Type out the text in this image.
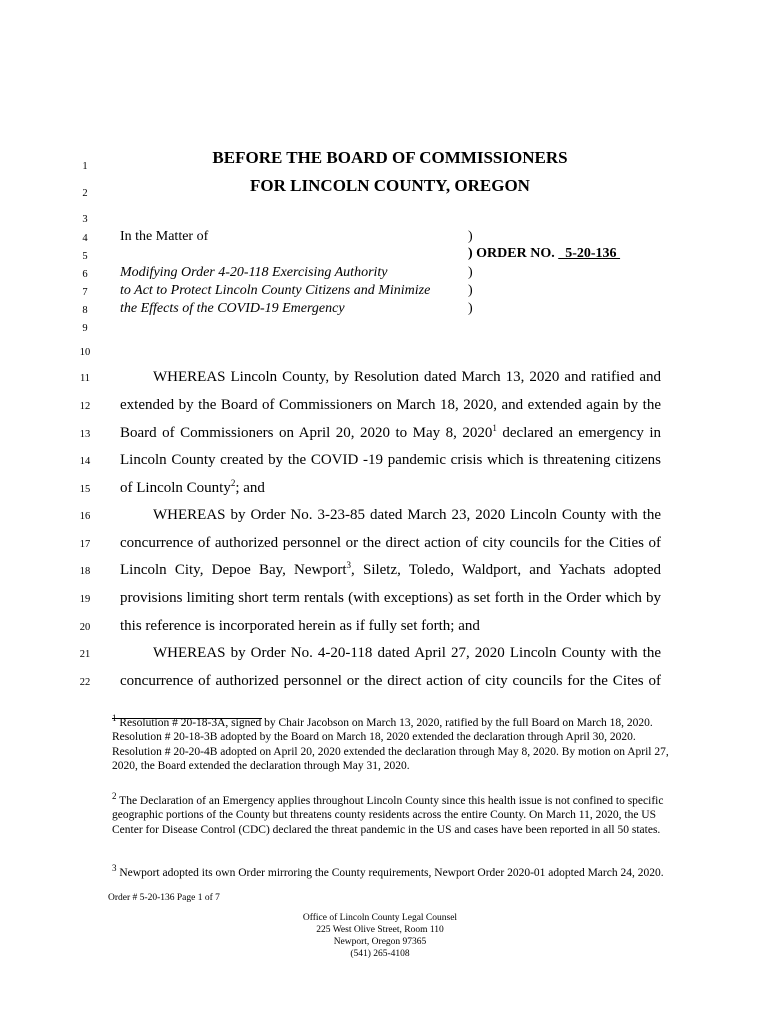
1
2
3
4
5
6
7
8
9
10
11
12
13
14
15
16
17
18
19
20
21
22
BEFORE THE BOARD OF COMMISSIONERS
FOR LINCOLN COUNTY, OREGON
In the Matter of
Modifying Order 4-20-118 Exercising Authority
to Act to Protect Lincoln County Citizens and Minimize
the Effects of the COVID-19 Emergency
)
) ORDER NO.   5-20-136
)
)
)
WHEREAS Lincoln County, by Resolution dated March 13, 2020 and ratified and
extended by the Board of Commissioners on March 18, 2020, and extended again by the
Board of Commissioners on April 20, 2020 to May 8, 2020$^1$ declared an emergency in
Lincoln County created by the COVID -19 pandemic crisis which is threatening citizens
of Lincoln County$^2$; and
WHEREAS by Order No. 3-23-85 dated March 23, 2020 Lincoln County with the
concurrence of authorized personnel or the direct action of city councils for the Cities of
Lincoln City, Depoe Bay, Newport$^3$, Siletz, Toledo, Waldport, and Yachats adopted
provisions limiting short term rentals (with exceptions) as set forth in the Order which by
this reference is incorporated herein as if fully set forth; and
WHEREAS by Order No. 4-20-118 dated April 27, 2020 Lincoln County with the
concurrence of authorized personnel or the direct action of city councils for the Cites of
$^1$ Resolution # 20-18-3A, signed by Chair Jacobson on March 13, 2020, ratified by the full Board on March 18, 2020. Resolution # 20-18-3B adopted by the Board on March 18, 2020 extended the declaration through April 30, 2020. Resolution # 20-20-4B adopted on April 20, 2020 extended the declaration through May 8, 2020. By motion on April 27, 2020, the Board extended the declaration through May 31, 2020.
$^2$ The Declaration of an Emergency applies throughout Lincoln County since this health issue is not confined to specific geographic portions of the County but threatens county residents across the entire County. On March 11, 2020, the US Center for Disease Control (CDC) declared the threat pandemic in the US and cases have been reported in all 50 states.
$^3$ Newport adopted its own Order mirroring the County requirements, Newport Order 2020-01 adopted March 24, 2020.
Order # 5-20-136 Page 1 of 7
Office of Lincoln County Legal Counsel
225 West Olive Street, Room 110
Newport, Oregon 97365
(541) 265-4108
